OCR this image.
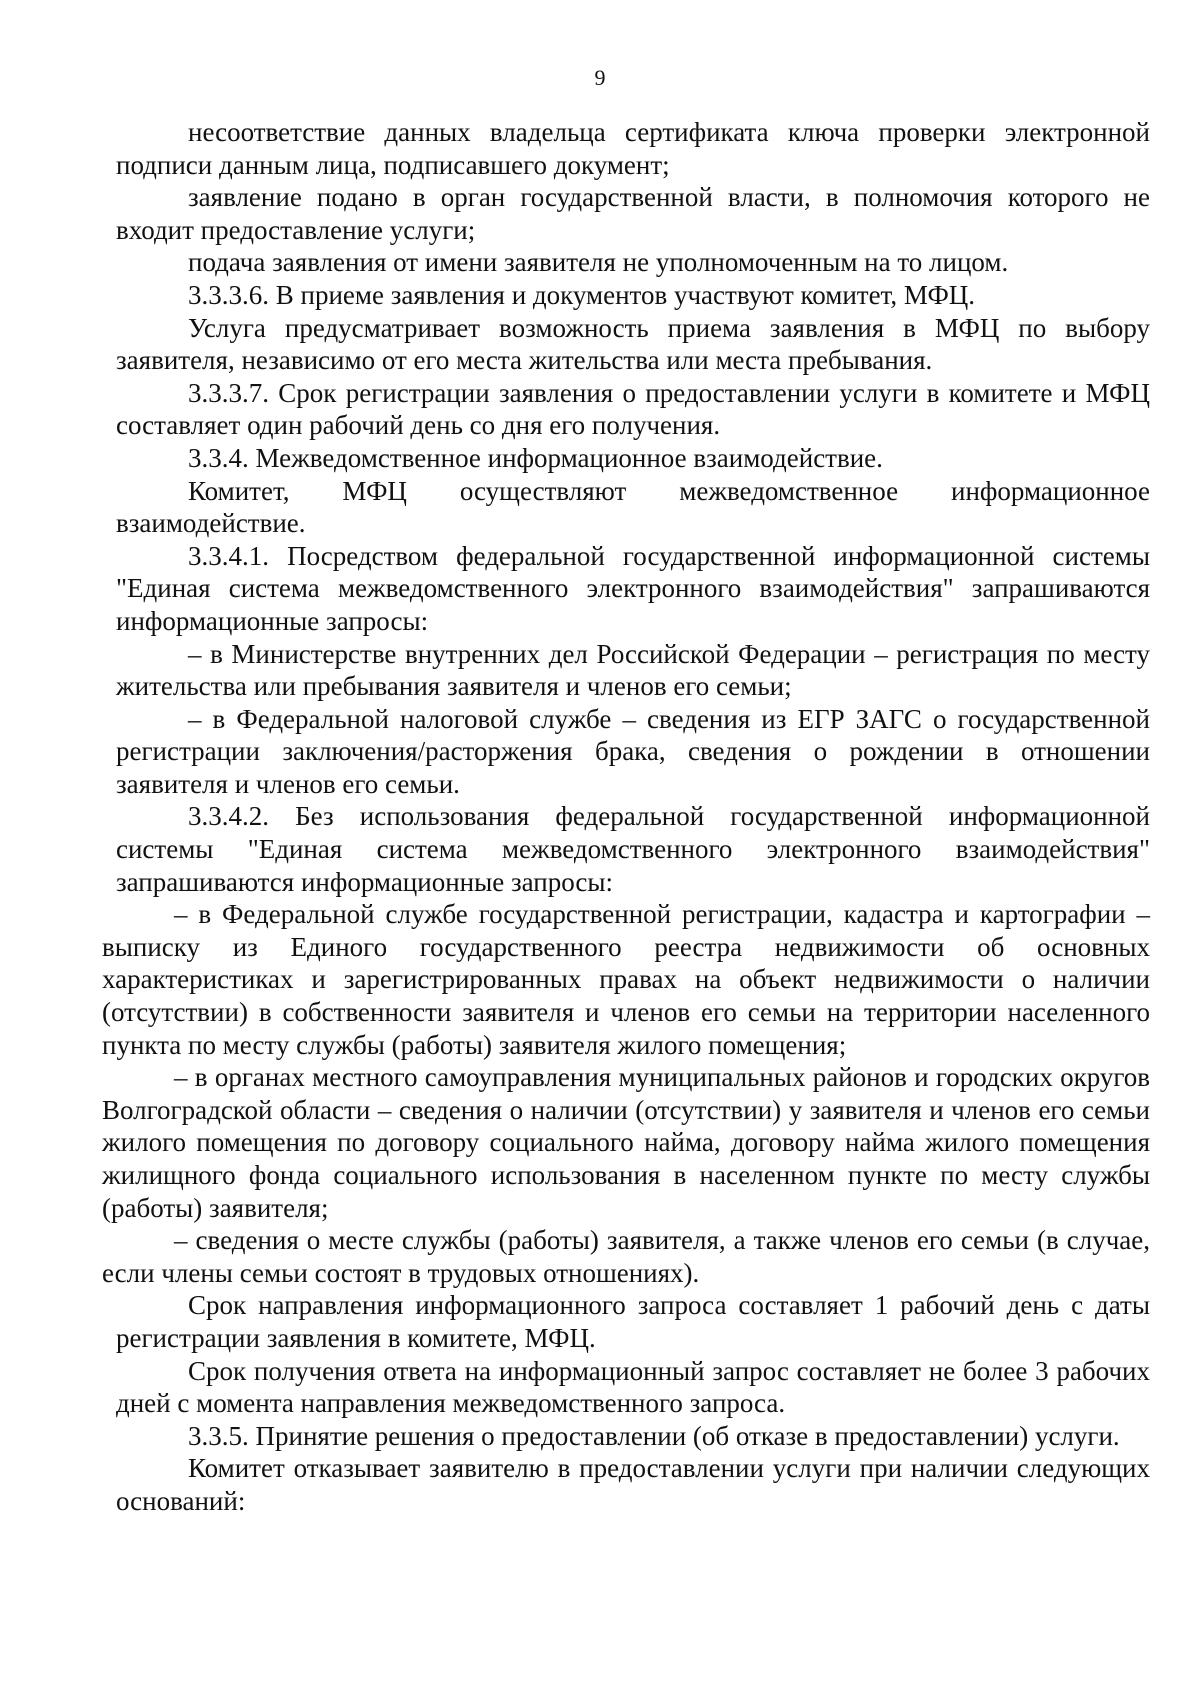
9

несоответствие данных владельца сертификата ключа проверки электронной подписи данным лица, подписавшего документ;

заявление подано в орган государственной власти, в полномочия которого не входит предоставление услуги;

подача заявления от имени заявителя не уполномоченным на то лицом.

3.3.3.6. В приеме заявления и документов участвуют комитет, МФЦ.

Услуга предусматривает возможность приема заявления в МФЦ по выбору заявителя, независимо от его места жительства или места пребывания.

3.3.3.7. Срок регистрации заявления о предоставлении услуги в комитете и МФЦ составляет один рабочий день со дня его получения.

3.3.4. Межведомственное информационное взаимодействие.

Комитет, МФЦ осуществляют межведомственное информационное взаимодействие.

3.3.4.1. Посредством федеральной государственной информационной системы "Единая система межведомственного электронного взаимодействия" запрашиваются информационные запросы:

– в Министерстве внутренних дел Российской Федерации – регистрация по месту жительства или пребывания заявителя и членов его семьи;

– в Федеральной налоговой службе – сведения из ЕГР ЗАГС о государственной регистрации заключения/расторжения брака, сведения о рождении в отношении заявителя и членов его семьи.

3.3.4.2. Без использования федеральной государственной информационной системы "Единая система межведомственного электронного взаимодействия" запрашиваются информационные запросы:

– в Федеральной службе государственной регистрации, кадастра и картографии – выписку из Единого государственного реестра недвижимости об основных характеристиках и зарегистрированных правах на объект недвижимости о наличии (отсутствии) в собственности заявителя и членов его семьи на территории населенного пункта по месту службы (работы) заявителя жилого помещения;

– в органах местного самоуправления муниципальных районов и городских округов Волгоградской области – сведения о наличии (отсутствии) у заявителя и членов его семьи жилого помещения по договору социального найма, договору найма жилого помещения жилищного фонда социального использования в населенном пункте по месту службы (работы) заявителя;

– сведения о месте службы (работы) заявителя, а также членов его семьи (в случае, если члены семьи состоят в трудовых отношениях).

Срок направления информационного запроса составляет 1 рабочий день с даты регистрации заявления в комитете, МФЦ.

Срок получения ответа на информационный запрос составляет не более 3 рабочих дней с момента направления межведомственного запроса.

3.3.5. Принятие решения о предоставлении (об отказе в предоставлении) услуги.

Комитет отказывает заявителю в предоставлении услуги при наличии следующих оснований:
